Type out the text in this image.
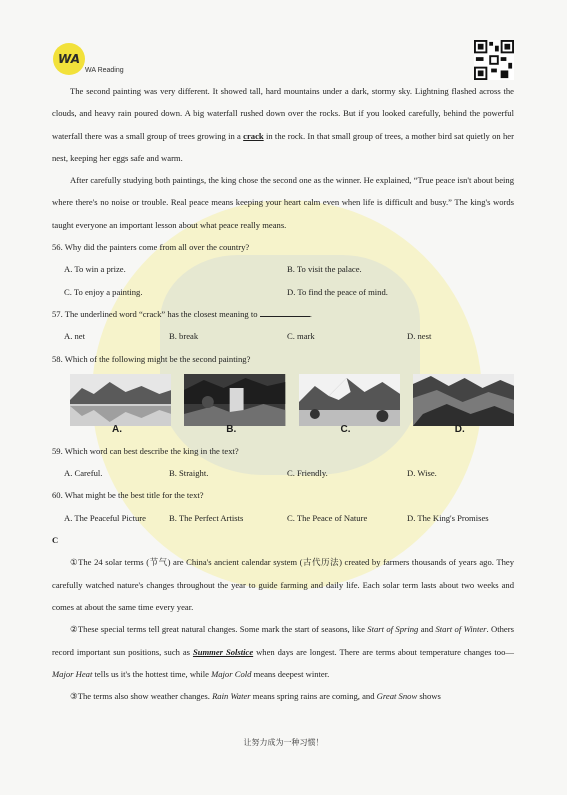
WA
WA Reading

The second painting was very different. It showed tall, hard mountains under a dark, stormy sky. Lightning flashed across the clouds, and heavy rain poured down. A big waterfall rushed down over the rocks. But if you looked carefully, behind the powerful waterfall there was a small group of trees growing in a crack in the rock. In that small group of trees, a mother bird sat quietly on her nest, keeping her eggs safe and warm.

After carefully studying both paintings, the king chose the second one as the winner. He explained, “True peace isn't about being where there's no noise or trouble. Real peace means keeping your heart calm even when life is difficult and busy.” The king's words taught everyone an important lesson about what peace really means.

56. Why did the painters come from all over the country?

A. To win a prize.	B. To visit the palace.
C. To enjoy a painting.	D. To find the peace of mind.

57. The underlined word “crack” has the closest meaning to	.

A. net	B. break	C. mark	D. nest

58. Which of the following might be the second painting?

A.	B.	C.	D.

59. Which word can best describe the king in the text?

A. Careful.	B. Straight.	C. Friendly.	D. Wise.

60. What might be the best title for the text?

A. The Peaceful Picture	B. The Perfect Artists	C. The Peace of Nature	D. The King's Promises

C

①The 24 solar terms (节气) are China's ancient calendar system (古代历法) created by farmers thousands of years ago. They carefully watched nature's changes throughout the year to guide farming and daily life. Each solar term lasts about two weeks and comes at about the same time every year.

②These special terms tell great natural changes. Some mark the start of seasons, like Start of Spring and Start of Winter. Others record important sun positions, such as Summer Solstice when days are longest. There are terms about temperature changes too—Major Heat tells us it's the hottest time, while Major Cold means deepest winter.

③The terms also show weather changes. Rain Water means spring rains are coming, and Great Snow shows

让努力成为一种习惯！
